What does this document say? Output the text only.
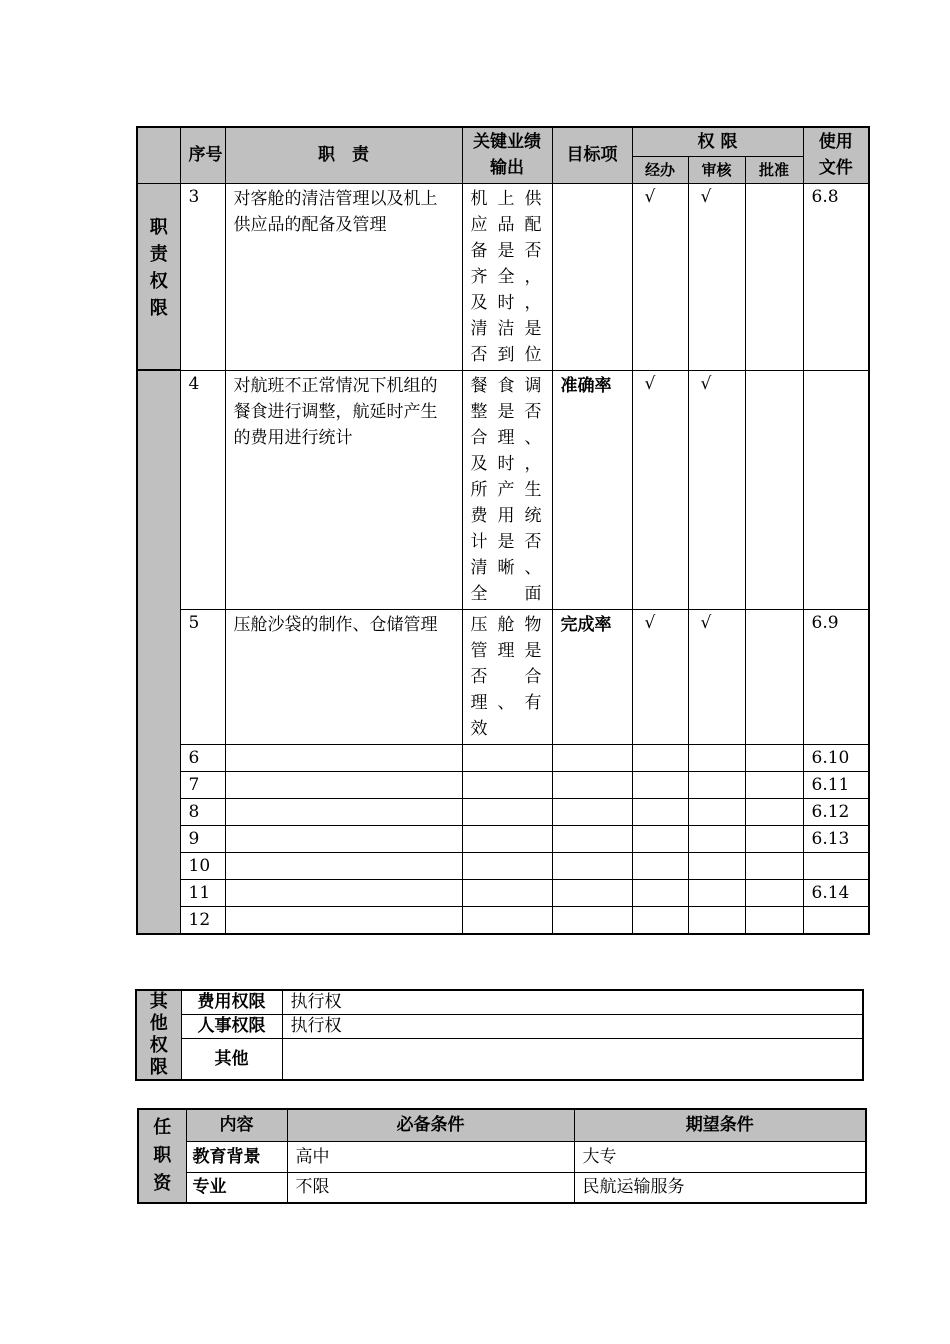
	序号	职　责	关键业绩输出	目标项	权 限			使用文件
					经办	审核	批准	

职责权限	3	对客舱的清洁管理以及机上供应品的配备及管理	机上供应品配备是否齐全，及时，清洁是否到位		√	√		6.8
	4	对航班不正常情况下机组的餐食进行调整，航延时产生的费用进行统计	餐食调整是否合理、及时，所产生费用统计是否清晰、全面	准确率	√	√		
	5	压舱沙袋的制作、仓储管理	压舱物管理是否　合理、有效	完成率	√	√		6.9
	6							6.10
	7							6.11
	8							6.12
	9							6.13
	10							
	11							6.14
	12							
其他权限	费用权限	执行权
	人事权限	执行权
	其他	
任职资	内容	必备条件	期望条件
	教育背景	高中	大专
	专业	不限	民航运输服务
